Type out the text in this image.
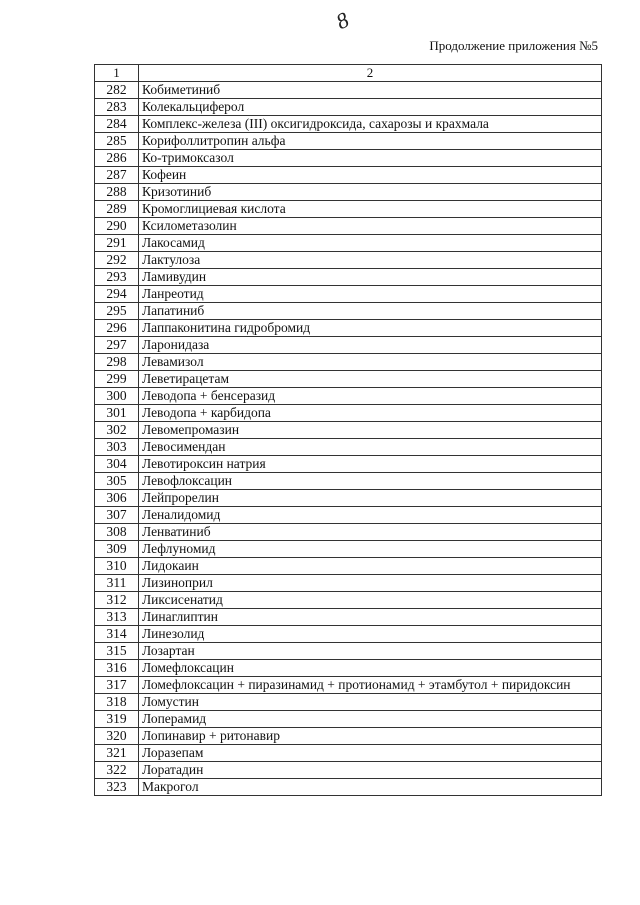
8
Продолжение приложения №5
1	2
282	Кобиметиниб
283	Колекальциферол
284	Комплекс-железа (III) оксигидроксида, сахарозы и крахмала
285	Корифоллитропин альфа
286	Ко-тримоксазол
287	Кофеин
288	Кризотиниб
289	Кромоглициевая кислота
290	Ксилометазолин
291	Лакосамид
292	Лактулоза
293	Ламивудин
294	Ланреотид
295	Лапатиниб
296	Лаппаконитина гидробромид
297	Ларонидаза
298	Левамизол
299	Леветирацетам
300	Леводопа + бенсеразид
301	Леводопа + карбидопа
302	Левомепромазин
303	Левосимендан
304	Левотироксин натрия
305	Левофлоксацин
306	Лейпрорелин
307	Леналидомид
308	Ленватиниб
309	Лефлуномид
310	Лидокаин
311	Лизиноприл
312	Ликсисенатид
313	Линаглиптин
314	Линезолид
315	Лозартан
316	Ломефлоксацин
317	Ломефлоксацин + пиразинамид + протионамид + этамбутол + пиридоксин
318	Ломустин
319	Лоперамид
320	Лопинавир + ритонавир
321	Лоразепам
322	Лоратадин
323	Макрогол
